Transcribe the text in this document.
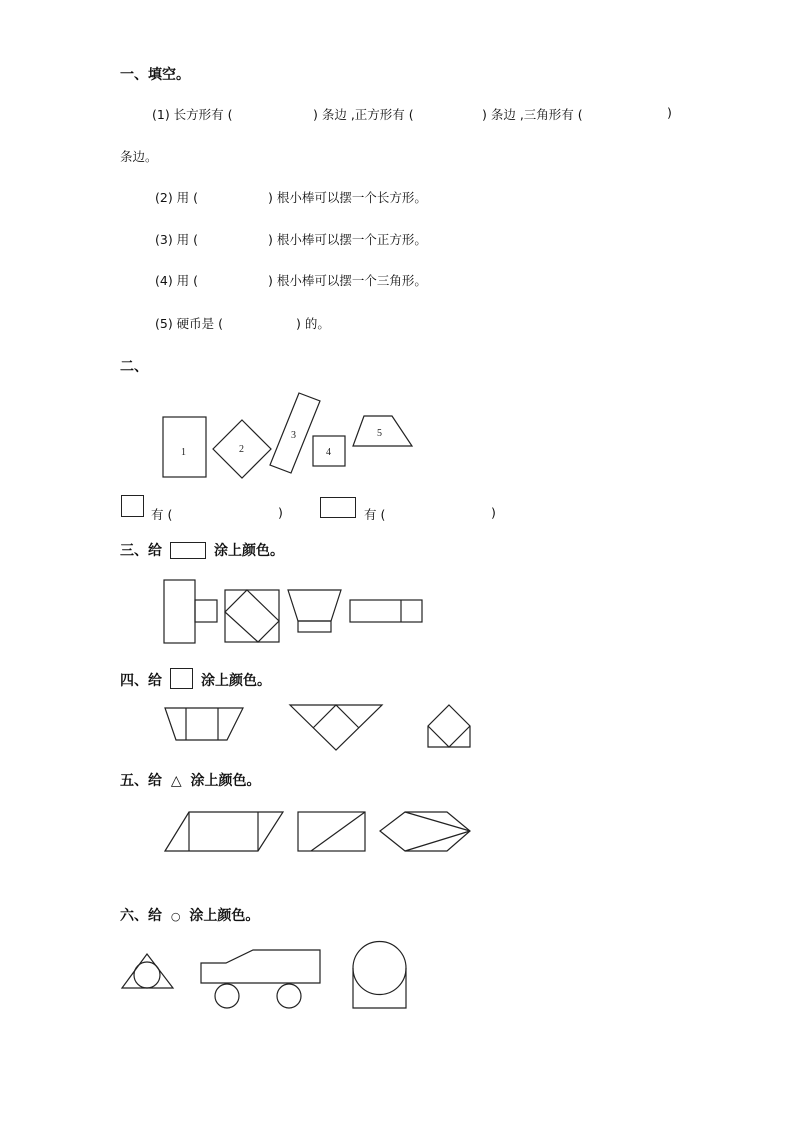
一、填空。
(1) 长方形有 (	) 条边 ,正方形有 (	) 条边 ,三角形有 (	)
条边。
(2) 用 (	) 根小棒可以摆一个长方形。
(3) 用 (	) 根小棒可以摆一个正方形。
(4) 用 (	) 根小棒可以摆一个三角形。
(5) 硬币是 (	) 的。
二、
有 (	)	有 (	)
三、给	涂上颜色。
四、给	涂上颜色。
五、给 △ 涂上颜色。
六、给 ○ 涂上颜色。
1	2
3
4
5
